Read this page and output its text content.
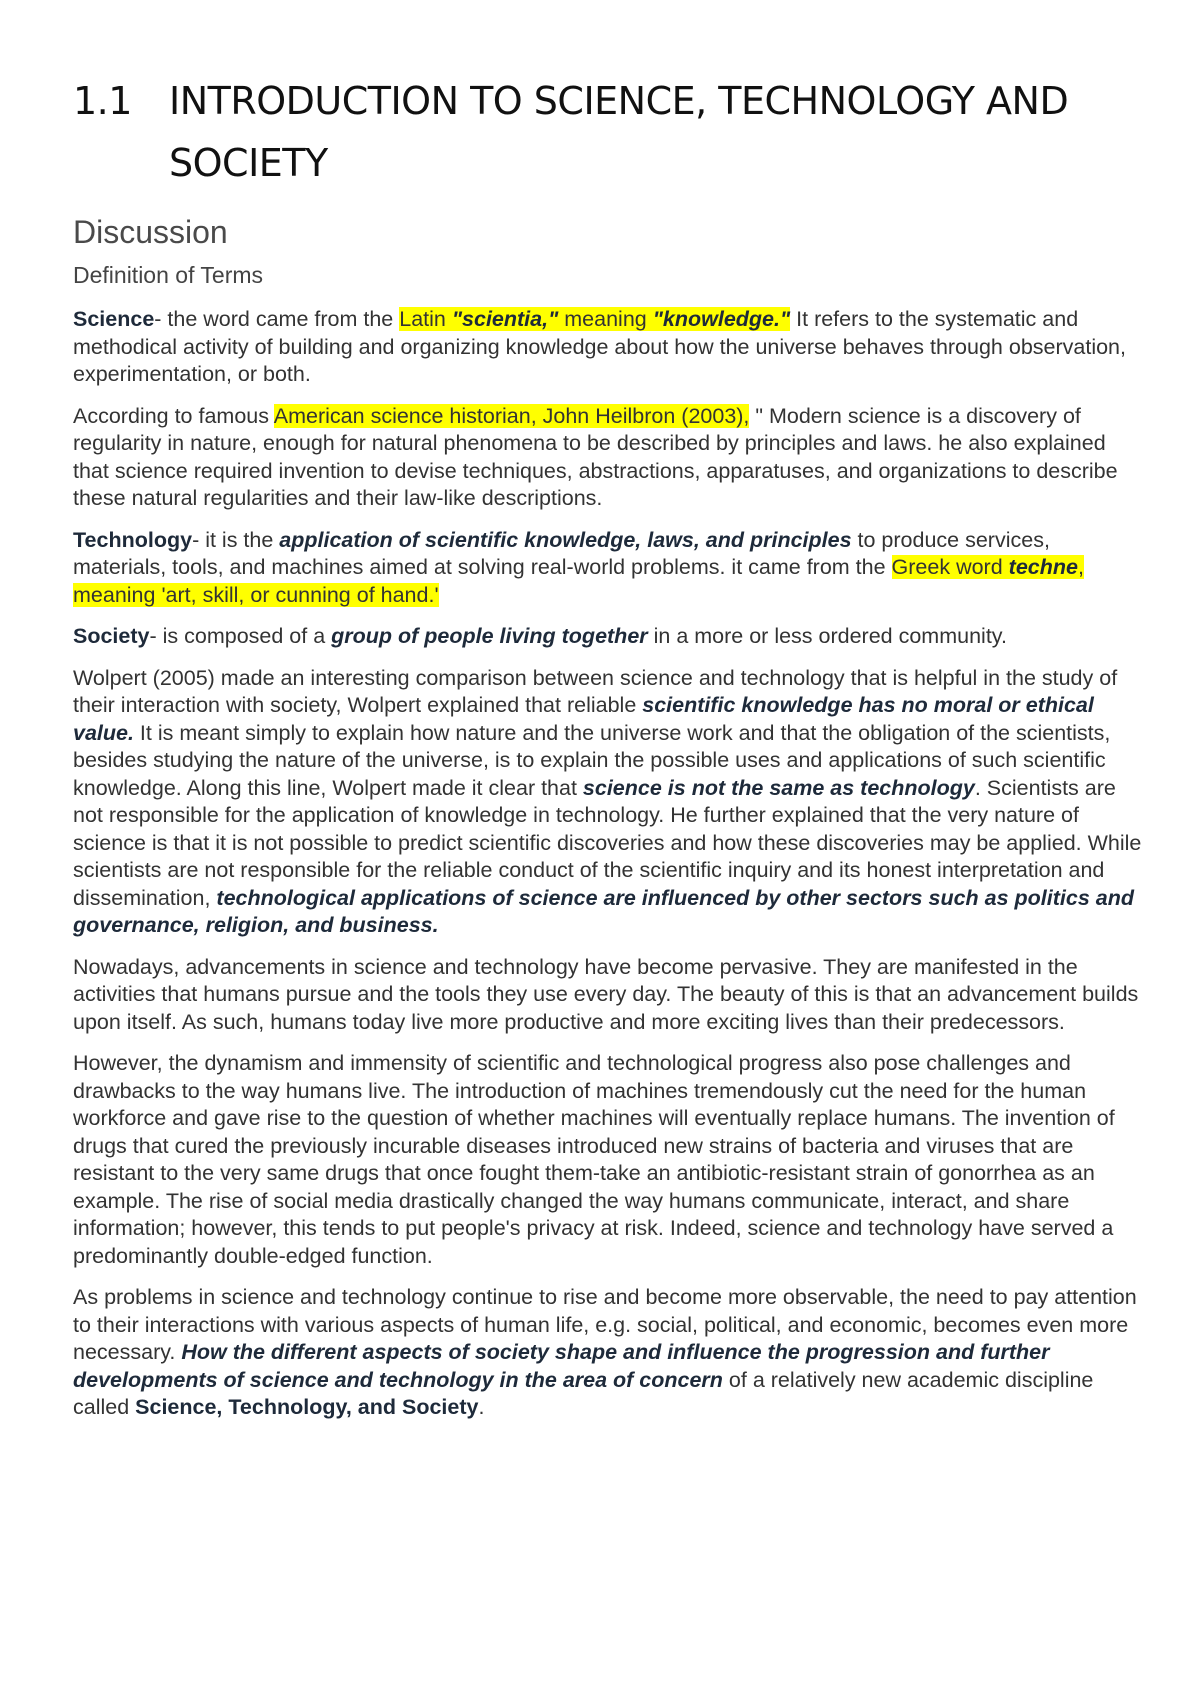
1.1 INTRODUCTION TO SCIENCE, TECHNOLOGY AND SOCIETY
Discussion
Definition of Terms

Science- the word came from the Latin "scientia," meaning "knowledge." It refers to the systematic and methodical activity of building and organizing knowledge about how the universe behaves through observation, experimentation, or both.

According to famous American science historian, John Heilbron (2003), " Modern science is a discovery of regularity in nature, enough for natural phenomena to be described by principles and laws. he also explained that science required invention to devise techniques, abstractions, apparatuses, and organizations to describe these natural regularities and their law-like descriptions.

Technology- it is the application of scientific knowledge, laws, and principles to produce services, materials, tools, and machines aimed at solving real-world problems. it came from the Greek word techne, meaning 'art, skill, or cunning of hand.'

Society- is composed of a group of people living together in a more or less ordered community.

Wolpert (2005) made an interesting comparison between science and technology that is helpful in the study of their interaction with society, Wolpert explained that reliable scientific knowledge has no moral or ethical value. It is meant simply to explain how nature and the universe work and that the obligation of the scientists, besides studying the nature of the universe, is to explain the possible uses and applications of such scientific knowledge. Along this line, Wolpert made it clear that science is not the same as technology. Scientists are not responsible for the application of knowledge in technology. He further explained that the very nature of science is that it is not possible to predict scientific discoveries and how these discoveries may be applied. While scientists are not responsible for the reliable conduct of the scientific inquiry and its honest interpretation and dissemination, technological applications of science are influenced by other sectors such as politics and governance, religion, and business.

Nowadays, advancements in science and technology have become pervasive. They are manifested in the activities that humans pursue and the tools they use every day. The beauty of this is that an advancement builds upon itself. As such, humans today live more productive and more exciting lives than their predecessors.

However, the dynamism and immensity of scientific and technological progress also pose challenges and drawbacks to the way humans live. The introduction of machines tremendously cut the need for the human workforce and gave rise to the question of whether machines will eventually replace humans. The invention of drugs that cured the previously incurable diseases introduced new strains of bacteria and viruses that are resistant to the very same drugs that once fought them-take an antibiotic-resistant strain of gonorrhea as an example. The rise of social media drastically changed the way humans communicate, interact, and share information; however, this tends to put people's privacy at risk. Indeed, science and technology have served a predominantly double-edged function.

As problems in science and technology continue to rise and become more observable, the need to pay attention to their interactions with various aspects of human life, e.g. social, political, and economic, becomes even more necessary. How the different aspects of society shape and influence the progression and further developments of science and technology in the area of concern of a relatively new academic discipline called Science, Technology, and Society.
